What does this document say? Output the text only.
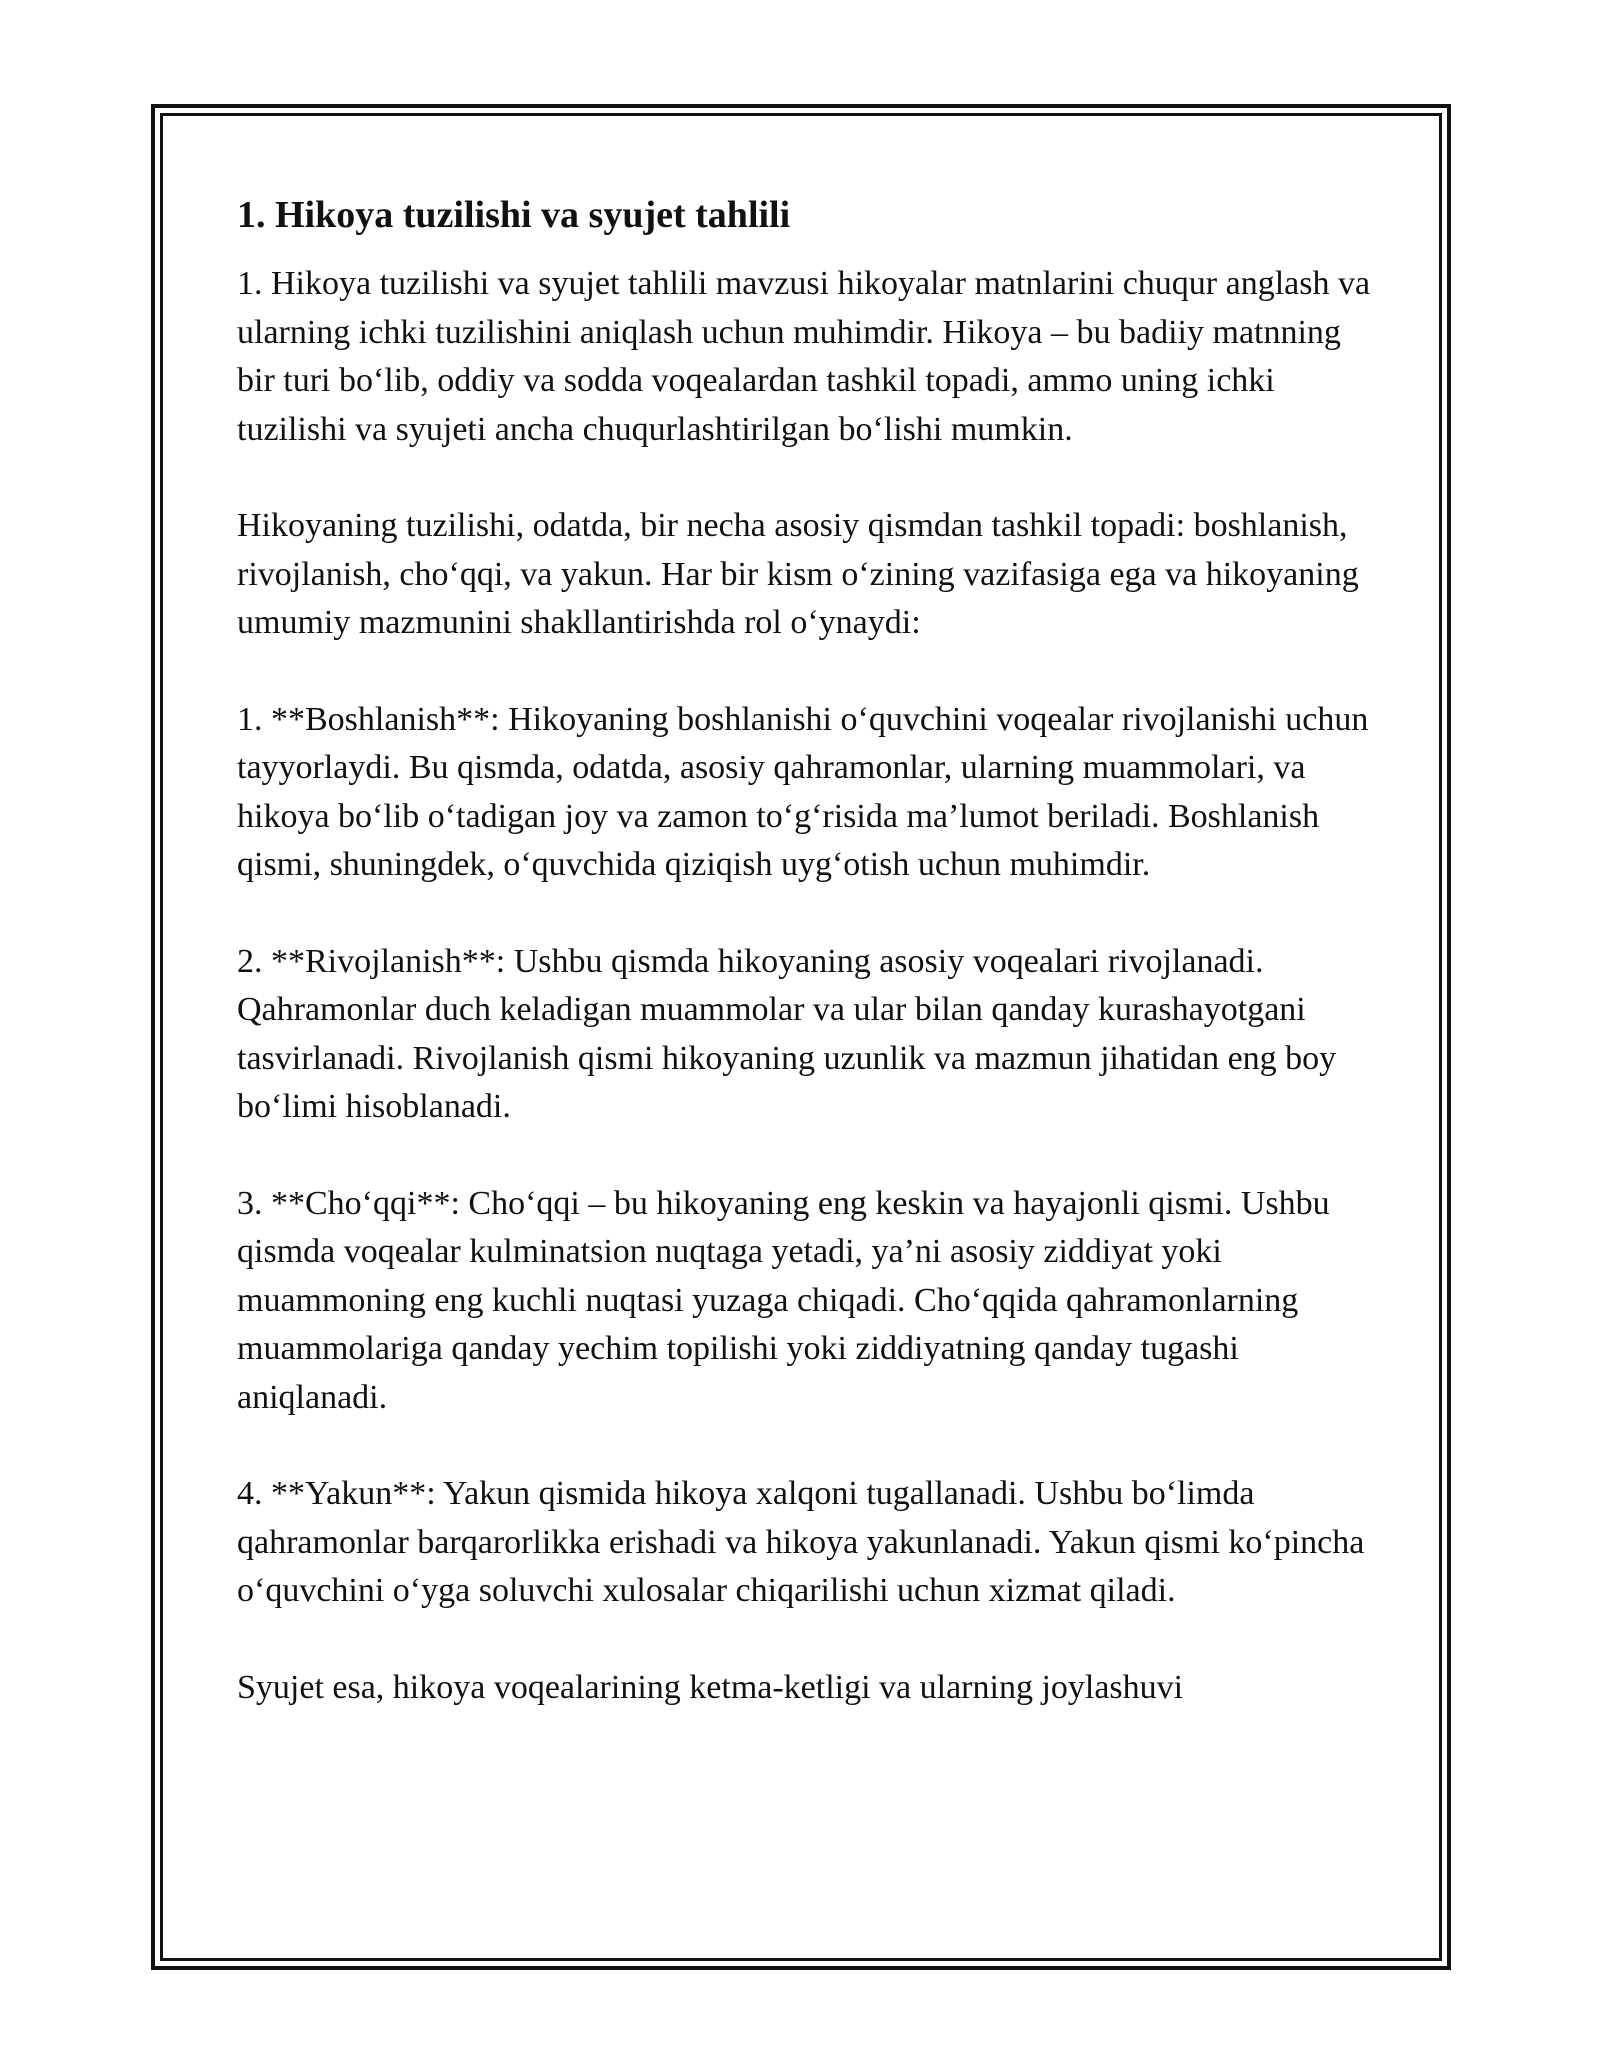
1. Hikoya tuzilishi va syujet tahlili

1. Hikoya tuzilishi va syujet tahlili mavzusi hikoyalar matnlarini chuqur anglash va ularning ichki tuzilishini aniqlash uchun muhimdir. Hikoya – bu badiiy matnning bir turi bo‘lib, oddiy va sodda voqealardan tashkil topadi, ammo uning ichki tuzilishi va syujeti ancha chuqurlashtirilgan bo‘lishi mumkin.

Hikoyaning tuzilishi, odatda, bir necha asosiy qismdan tashkil topadi: boshlanish, rivojlanish, cho‘qqi, va yakun. Har bir kism o‘zining vazifasiga ega va hikoyaning umumiy mazmunini shakllantirishda rol o‘ynaydi:

1. **Boshlanish**: Hikoyaning boshlanishi o‘quvchini voqealar rivojlanishi uchun tayyorlaydi. Bu qismda, odatda, asosiy qahramonlar, ularning muammolari, va hikoya bo‘lib o‘tadigan joy va zamon to‘g‘risida ma’lumot beriladi. Boshlanish qismi, shuningdek, o‘quvchida qiziqish uyg‘otish uchun muhimdir.

2. **Rivojlanish**: Ushbu qismda hikoyaning asosiy voqealari rivojlanadi. Qahramonlar duch keladigan muammolar va ular bilan qanday kurashayotgani tasvirlanadi. Rivojlanish qismi hikoyaning uzunlik va mazmun jihatidan eng boy bo‘limi hisoblanadi.

3. **Cho‘qqi**: Cho‘qqi – bu hikoyaning eng keskin va hayajonli qismi. Ushbu qismda voqealar kulminatsion nuqtaga yetadi, ya’ni asosiy ziddiyat yoki muammoning eng kuchli nuqtasi yuzaga chiqadi. Cho‘qqida qahramonlarning muammolariga qanday yechim topilishi yoki ziddiyatning qanday tugashi aniqlanadi.

4. **Yakun**: Yakun qismida hikoya xalqoni tugallanadi. Ushbu bo‘limda qahramonlar barqarorlikka erishadi va hikoya yakunlanadi. Yakun qismi ko‘pincha o‘quvchini o‘yga soluvchi xulosalar chiqarilishi uchun xizmat qiladi.

Syujet esa, hikoya voqealarining ketma-ketligi va ularning joylashuvi
